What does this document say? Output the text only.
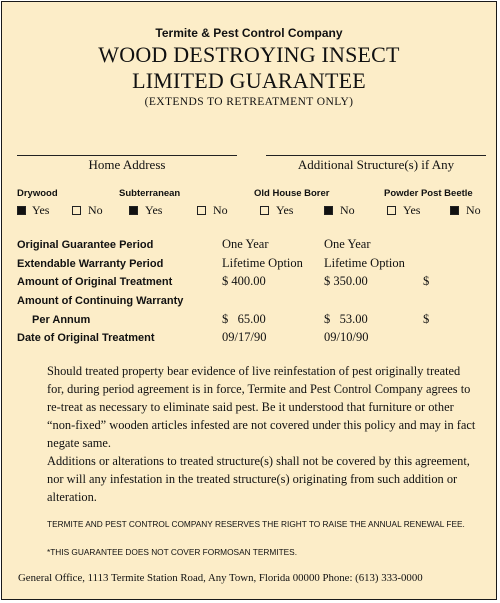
Termite & Pest Control Company
WOOD DESTROYING INSECT
LIMITED GUARANTEE
(EXTENDS TO RETREATMENT ONLY)
Home Address	Additional Structure(s) if Any
Drywood	Subterranean	Old House Borer	Powder Post Beetle
Yes	No	Yes	No	Yes	No	Yes	No
Original Guarantee Period	One Year	One Year
Extendable Warranty Period	Lifetime Option Lifetime Option
Amount of Original Treatment	$ 400.00	$ 350.00	$
Amount of Continuing Warranty
Per Annum	$   65.00	$   53.00	$
Date of Original Treatment	09/17/90	09/10/90

Should treated property bear evidence of live reinfestation of pest originally treated for, during period agreement is in force, Termite and Pest Control Company agrees to re-treat as necessary to eliminate said pest. Be it understood that furniture or other “non-fixed” wooden articles infested are not covered under this policy and may in fact negate same.

Additions or alterations to treated structure(s) shall not be covered by this agreement, nor will any infestation in the treated structure(s) originating from such addition or alteration.

TERMITE AND PEST CONTROL COMPANY RESERVES THE RIGHT TO RAISE THE ANNUAL RENEWAL FEE.
*THIS GUARANTEE DOES NOT COVER FORMOSAN TERMITES.
General Office, 1113 Termite Station Road, Any Town, Florida 00000 Phone: (613) 333-0000
